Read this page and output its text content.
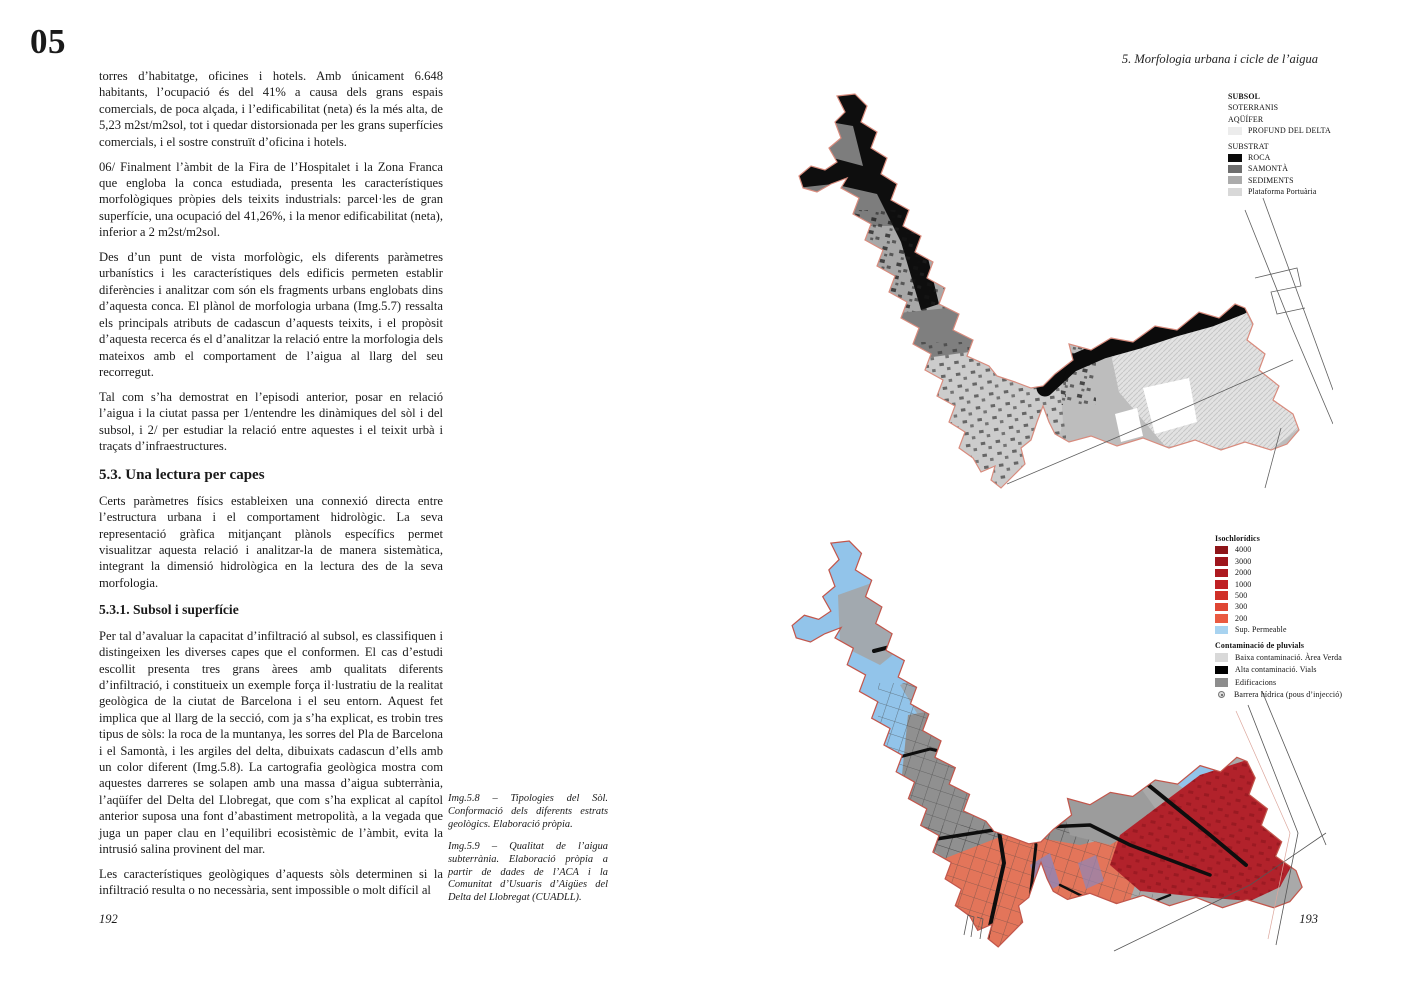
05

torres d’habitatge, oficines i hotels. Amb únicament 6.648 habitants, l’ocupació és del 41% a causa dels grans espais comercials, de poca alçada, i l’edificabilitat (neta) és la més alta, de 5,23 m2st/m2sol, tot i quedar distorsionada per les grans superfícies comercials, i el sostre construït d’oficina i hotels.

06/ Finalment l’àmbit de la Fira de l’Hospitalet i la Zona Franca que engloba la conca estudiada, presenta les característiques morfològiques pròpies dels teixits industrials: parcel·les de gran superfície, una ocupació del 41,26%, i la menor edificabilitat (neta), inferior a 2 m2st/m2sol.

Des d’un punt de vista morfològic, els diferents paràmetres urbanístics i les característiques dels edificis permeten establir diferències i analitzar com són els fragments urbans englobats dins d’aquesta conca. El plànol de morfologia urbana (Img.5.7) ressalta els principals atributs de cadascun d’aquests teixits, i el propòsit d’aquesta recerca és el d’analitzar la relació entre la morfologia dels mateixos amb el comportament de l’aigua al llarg del seu recorregut.

Tal com s’ha demostrat en l’episodi anterior, posar en relació l’aigua i la ciutat passa per 1/entendre les dinàmiques del sòl i del subsol, i 2/ per estudiar la relació entre aquestes i el teixit urbà i traçats d’infraestructures.

5.3. Una lectura per capes

Certs paràmetres físics estableixen una connexió directa entre l’estructura urbana i el comportament hidrològic. La seva representació gràfica mitjançant plànols específics permet visualitzar aquesta relació i analitzar-la de manera sistemàtica, integrant la dimensió hidrològica en la lectura des de la seva morfologia.

5.3.1. Subsol i superfície

Per tal d’avaluar la capacitat d’infiltració al subsol, es classifiquen i distingeixen les diverses capes que el conformen. El cas d’estudi escollit presenta tres grans àrees amb qualitats diferents d’infiltració, i constitueix un exemple força il·lustratiu de la realitat geològica de la ciutat de Barcelona i el seu entorn. Aquest fet implica que al llarg de la secció, com ja s’ha explicat, es trobin tres tipus de sòls: la roca de la muntanya, les sorres del Pla de Barcelona i el Samontà, i les argiles del delta, dibuixats cadascun d’ells amb un color diferent (Img.5.8). La cartografia geològica mostra com aquestes darreres se solapen amb una massa d’aigua subterrània, l’aqüífer del Delta del Llobregat, que com s’ha explicat al capítol anterior suposa una font d’abastiment metropolità, a la vegada que juga un paper clau en l’equilibri ecosistèmic de l’àmbit, evita la intrusió salina provinent del mar.

Les característiques geològiques d’aquests sòls determinen si la infiltració resulta o no necessària, sent impossible o molt difícil al

Img.5.8 – Tipologies del Sòl. Conformació dels diferents estrats geològics. Elaboració pròpia.

Img.5.9 – Qualitat de l’aigua subterrània. Elaboració pròpia a partir de dades de l’ACA i la Comunitat d’Usuaris d’Aigües del Delta del Llobregat (CUADLL).

192
5. Morfologia urbana i cicle de l’aigua
SUBSOL
SOTERRANIS
AQÜÍFER
PROFUND DEL DELTA
SUBSTRAT
ROCA
SAMONTÀ
SEDIMENTS
Plataforma Portuària
Isochlorídics
4000
3000
2000
1000
500
300
200
Sup. Permeable
Contaminació de pluvials
Baixa contaminació. Àrea Verda
Alta contaminació. Vials
Edificacions
Barrera hídrica (pous d’injecció)
193
